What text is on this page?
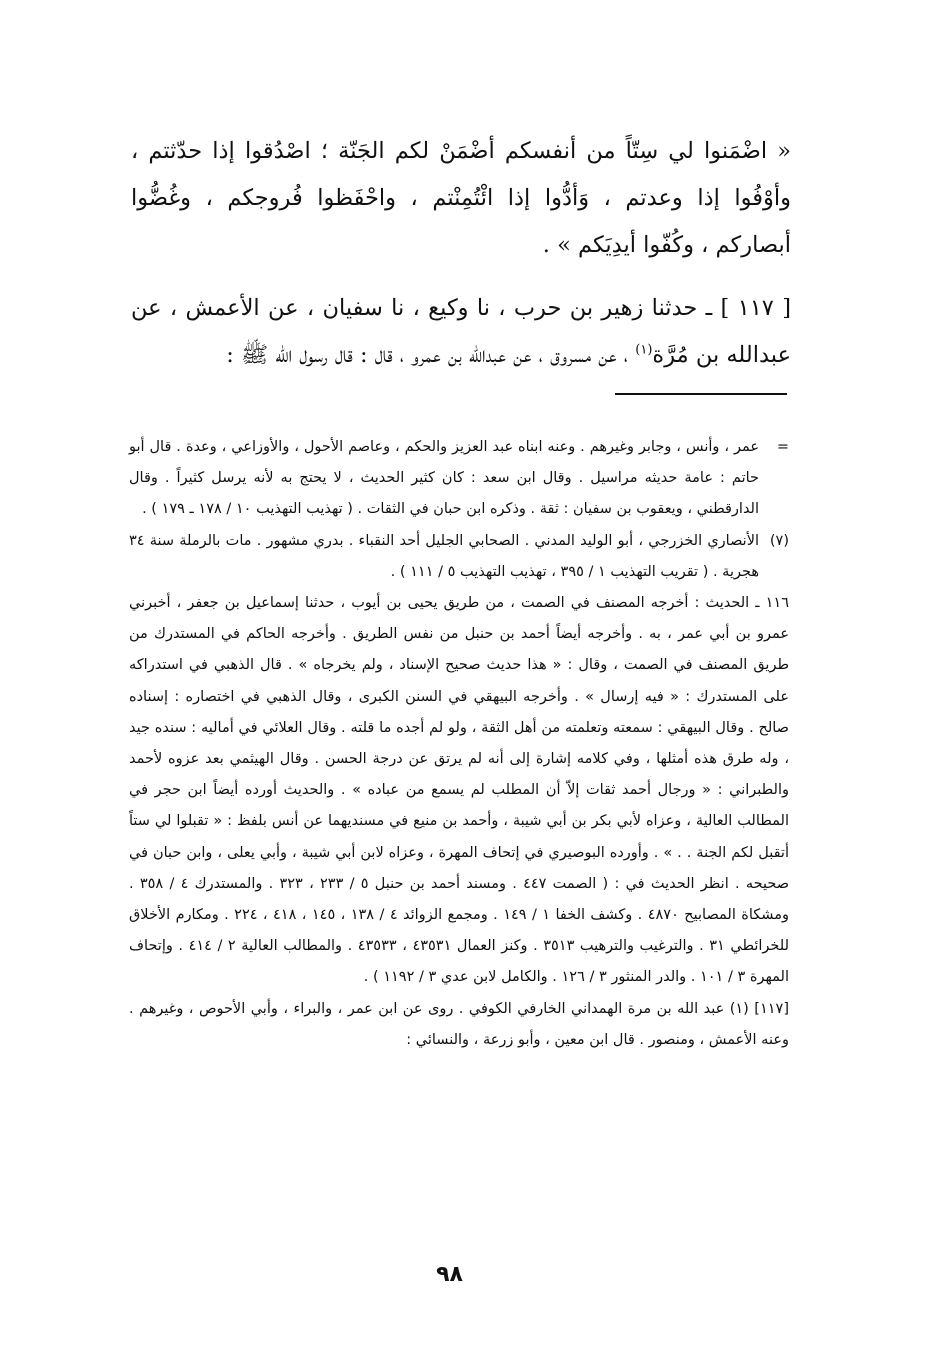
« اضْمَنوا لي سِتّاً من أنفسكم أضْمَنْ لكم الجَنّة ؛ اصْدُقوا إذا حدّثتم ، وأوْفُوا إذا وعدتم ، وَأدُّوا إذا ائْتُمِنْتم ، واحْفَظوا فُروجكم ، وغُضُّوا أبصاركم ، وكُفّوا أيدِيَكم » .

[ ١١٧ ] ـ حدثنا زهير بن حرب ، نا وكيع ، نا سفيان ، عن الأعمش ، عن عبدالله بن مُرَّة$^{(١)}$ ، عن مسروق ، عن عبدالله بن عمرو ، قال : قال رسول الله ﷺ :

=
عمر ، وأنس ، وجابر وغيرهم . وعنه ابناه عبد العزيز والحكم ، وعاصم الأحول ، والأوزاعي ، وعدة . قال أبو حاتم : عامة حديثه مراسيل . وقال ابن سعد : كان كثير الحديث ، لا يحتج به لأنه يرسل كثيراً . وقال الدارقطني ، ويعقوب بن سفيان : ثقة . وذكره ابن حبان في الثقات . ( تهذيب التهذيب ١٠ / ١٧٨ ـ ١٧٩ ) .

(٧)
الأنصاري الخزرجي ، أبو الوليد المدني . الصحابي الجليل أحد النقباء . بدري مشهور . مات بالرملة سنة ٣٤ هجرية . ( تقريب التهذيب ١ / ٣٩٥ ، تهذيب التهذيب ٥ / ١١١ ) .

١١٦ ـ الحديث : أخرجه المصنف في الصمت ، من طريق يحيى بن أيوب ، حدثنا إسماعيل بن جعفر ، أخبرني عمرو بن أبي عمر ، به . وأخرجه أيضاً أحمد بن حنبل من نفس الطريق . وأخرجه الحاكم في المستدرك من طريق المصنف في الصمت ، وقال : « هذا حديث صحيح الإسناد ، ولم يخرجاه » . قال الذهبي في استدراكه على المستدرك : « فيه إرسال » . وأخرجه البيهقي في السنن الكبرى ، وقال الذهبي في اختصاره : إسناده صالح . وقال البيهقي : سمعته وتعلمته من أهل الثقة ، ولو لم أجده ما قلته . وقال العلائي في أماليه : سنده جيد ، وله طرق هذه أمثلها ، وفي كلامه إشارة إلى أنه لم يرتق عن درجة الحسن . وقال الهيثمي بعد عزوه لأحمد والطبراني : « ورجال أحمد ثقات إلاّ أن المطلب لم يسمع من عباده » . والحديث أورده أيضاً ابن حجر في المطالب العالية ، وعزاه لأبي بكر بن أبي شيبة ، وأحمد بن منيع في مسنديهما عن أنس بلفظ : « تقبلوا لي ستاً أتقبل لكم الجنة . . » . وأورده البوصيري في إتحاف المهرة ، وعزاه لابن أبي شيبة ، وأبي يعلى ، وابن حبان في صحيحه . انظر الحديث في : ( الصمت ٤٤٧ . ومسند أحمد بن حنبل ٥ / ٢٣٣ ، ٣٢٣ . والمستدرك ٤ / ٣٥٨ . ومشكاة المصابيح ٤٨٧٠ . وكشف الخفا ١ / ١٤٩ . ومجمع الزوائد ٤ / ١٣٨ ، ١٤٥ ، ٤١٨ ، ٢٢٤ . ومكارم الأخلاق للخرائطي ٣١ . والترغيب والترهيب ٣٥١٣ . وكنز العمال ٤٣٥٣١ ، ٤٣٥٣٣ . والمطالب العالية ٢ / ٤١٤ . وإتحاف المهرة ٣ / ١٠١ . والدر المنثور ٣ / ١٢٦ . والكامل لابن عدي ٣ / ١١٩٢ ) .

[١١٧] (١) عبد الله بن مرة الهمداني الخارفي الكوفي . روى عن ابن عمر ، والبراء ، وأبي الأحوص ، وغيرهم . وعنه الأعمش ، ومنصور . قال ابن معين ، وأبو زرعة ، والنسائي :

٩٨
